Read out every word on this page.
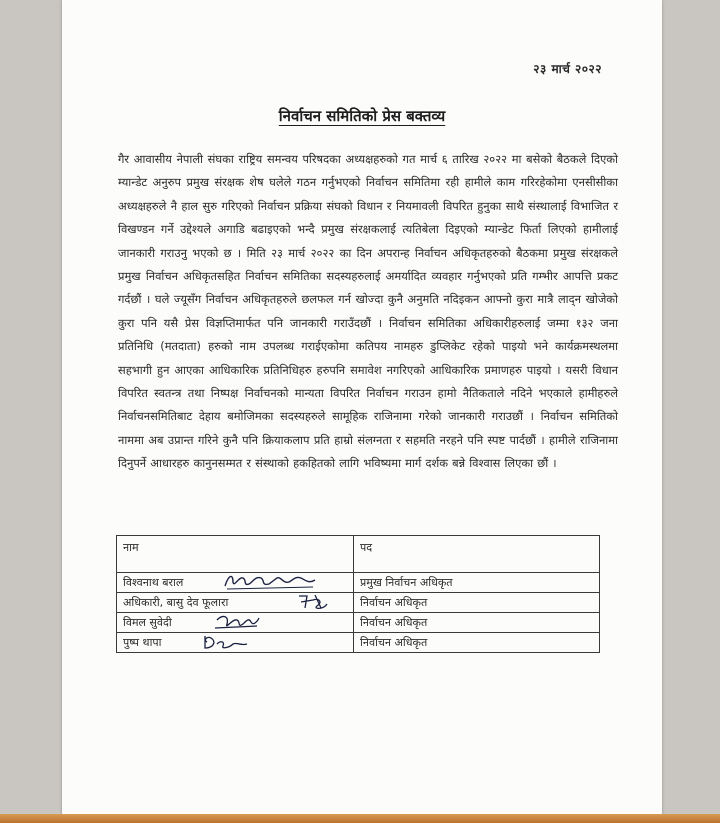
२३ मार्च २०२२
निर्वाचन समितिको प्रेस बक्तव्य
गैर आवासीय नेपाली संघका राष्ट्रिय समन्वय परिषदका अध्यक्षहरुको गत मार्च ६ तारिख २०२२ मा बसेको बैठकले दिएको म्यान्डेट अनुरुप प्रमुख संरक्षक शेष घलेले गठन गर्नुभएको निर्वाचन समितिमा रही हामीले काम गरिरहेकोमा एनसीसीका अध्यक्षहरुले नै हाल सुरु गरिएको निर्वाचन प्रक्रिया संघको विधान र नियमावली विपरित हुनुका साथै संस्थालाई विभाजित र विखण्डन गर्ने उद्देश्यले अगाडि बढाइएको भन्दै प्रमुख संरक्षकलाई त्यतिबेला दिइएको म्यान्डेट फिर्ता लिएको हामीलाई जानकारी गराउनु भएको छ । मिति २३ मार्च २०२२ का दिन अपरान्ह निर्वाचन अधिकृतहरुको बैठकमा प्रमुख संरक्षकले प्रमुख निर्वाचन अधिकृतसहित निर्वाचन समितिका सदस्यहरुलाई अमर्यादित व्यवहार गर्नुभएको प्रति गम्भीर आपत्ति प्रकट गर्दछौं । घले ज्यूसँग निर्वाचन अधिकृतहरुले छलफल गर्न खोज्दा कुनै अनुमति नदिइकन आफ्नो कुरा मात्रै लाद्न खोजेको कुरा पनि यसै प्रेस विज्ञप्तिमार्फत पनि जानकारी गराउँदछौं । निर्वाचन समितिका अधिकारीहरुलाई जम्मा १३२ जना प्रतिनिधि (मतदाता) हरुको नाम उपलब्ध गराईएकोमा कतिपय नामहरु डुप्लिकेट रहेको पाइयो भने कार्यक्रमस्थलमा सहभागी हुन आएका आधिकारिक प्रतिनिधिहरु हरुपनि समावेश नगरिएको आधिकारिक प्रमाणहरु पाइयो । यसरी विधान विपरित स्वतन्त्र तथा निष्पक्ष निर्वाचनको मान्यता विपरित निर्वाचन गराउन हामो नैतिकताले नदिने भएकाले हामीहरुले निर्वाचनसमितिबाट देहाय बमोजिमका सदस्यहरुले सामूहिक राजिनामा गरेको जानकारी गराउछौं । निर्वाचन समितिको नाममा अब उप्रान्त गरिने कुनै पनि क्रियाकलाप प्रति हाम्रो संलग्नता र सहमति नरहने पनि स्पष्ट पार्दछौं । हामीले राजिनामा दिनुपर्ने आधारहरु कानुनसम्मत र संस्थाको हकहितको लागि भविष्यमा मार्ग दर्शक बन्ने विश्वास लिएका छौं ।
नाम	पद
विश्वनाथ बराल	प्रमुख निर्वाचन अधिकृत
अधिकारी, बासु देव फूलारा	निर्वाचन अधिकृत
विमल सुवेदी	निर्वाचन अधिकृत
पुष्प थापा	निर्वाचन अधिकृत
